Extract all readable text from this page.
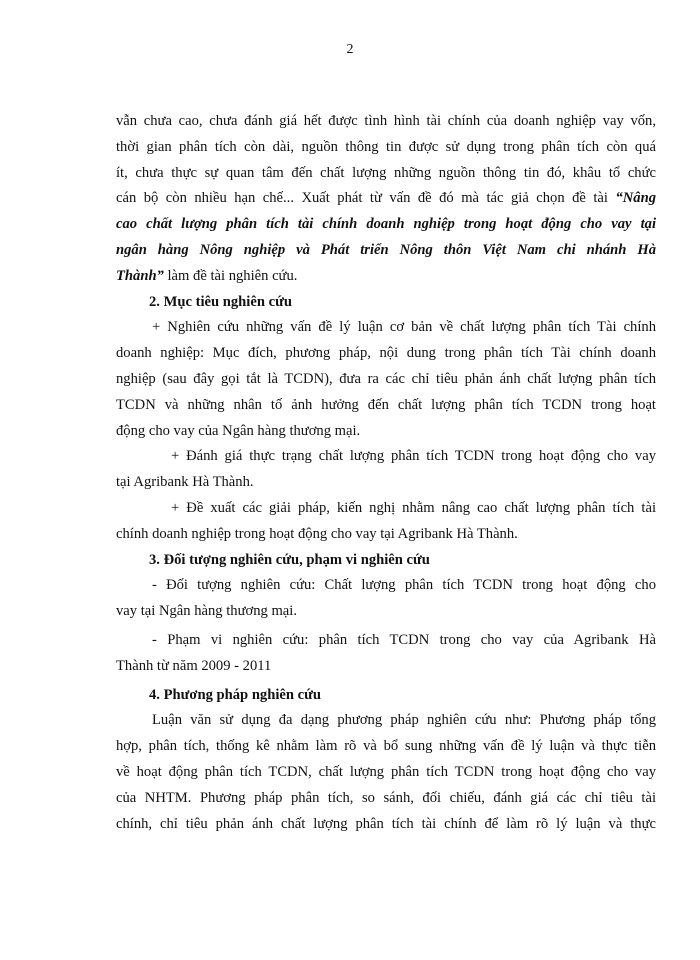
2
vẫn chưa cao, chưa đánh giá hết được tình hình tài chính của doanh nghiệp vay vốn,
thời gian phân tích còn dài, nguồn thông tin được sử dụng trong phân tích còn quá
ít, chưa thực sự quan tâm đến chất lượng những nguồn thông tin đó, khâu tổ chức
cán bộ còn nhiều hạn chế... Xuất phát từ vấn đề đó mà tác giả chọn đề tài “Nâng
cao chất lượng phân tích tài chính doanh nghiệp trong hoạt động cho vay tại
ngân hàng Nông nghiệp và Phát triển Nông thôn Việt Nam chi nhánh Hà
Thành” làm đề tài nghiên cứu.
2. Mục tiêu nghiên cứu
+ Nghiên cứu những vấn đề lý luận cơ bản về chất lượng phân tích Tài chính
doanh nghiệp: Mục đích, phương pháp, nội dung trong phân tích Tài chính doanh
nghiệp (sau đây gọi tắt là TCDN), đưa ra các chỉ tiêu phản ánh chất lượng phân tích
TCDN và những nhân tố ảnh hưởng đến chất lượng phân tích TCDN trong hoạt
động cho vay của Ngân hàng thương mại.
+ Đánh giá thực trạng chất lượng phân tích TCDN trong hoạt động cho vay
tại Agribank Hà Thành.
+ Đề xuất các giải pháp, kiến nghị nhằm nâng cao chất lượng phân tích tài
chính doanh nghiệp trong hoạt động cho vay tại Agribank Hà Thành.
3. Đối tượng nghiên cứu, phạm vi nghiên cứu
- Đối tượng nghiên cứu: Chất lượng phân tích TCDN trong hoạt động cho
vay tại Ngân hàng thương mại.
- Phạm vi nghiên cứu: phân tích TCDN trong cho vay của Agribank Hà
Thành từ năm 2009 - 2011
4. Phương pháp nghiên cứu
Luận văn sử dụng đa dạng phương pháp nghiên cứu như: Phương pháp tổng
hợp, phân tích, thống kê nhằm làm rõ và bổ sung những vấn đề lý luận và thực tiễn
về hoạt động phân tích TCDN, chất lượng phân tích TCDN trong hoạt động cho vay
của NHTM. Phương pháp phân tích, so sánh, đối chiếu, đánh giá các chỉ tiêu tài
chính, chỉ tiêu phản ánh chất lượng phân tích tài chính để làm rõ lý luận và thực
